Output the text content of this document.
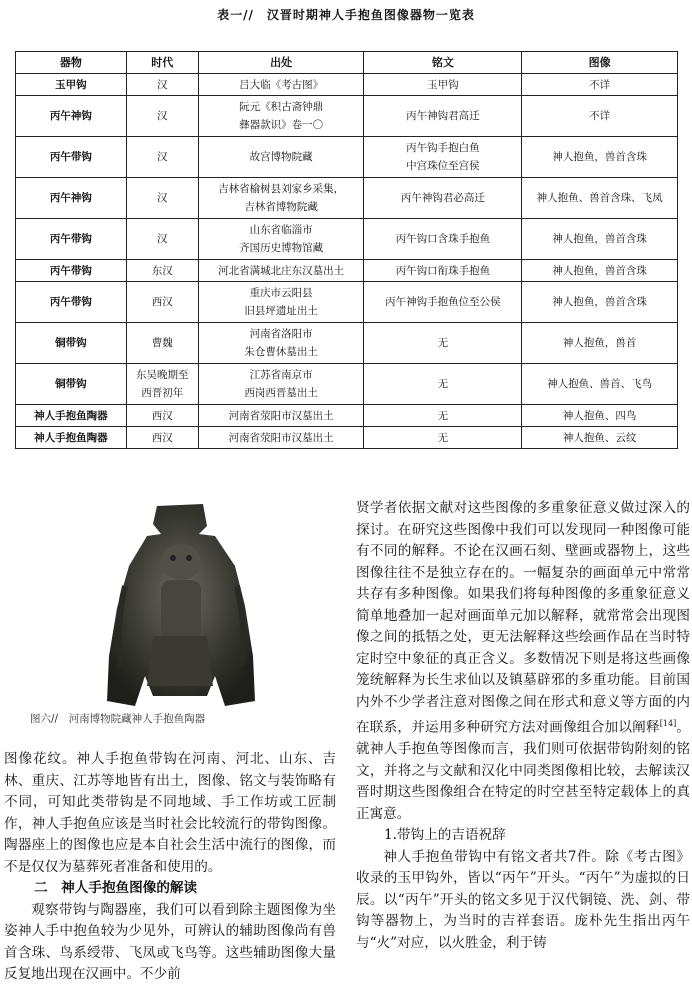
表一//　汉晋时期神人手抱鱼图像器物一览表
器物	时代	出处	铭文	图像
玉甲钩	汉	吕大临《考古图》	玉甲钩	不详
丙午神钩	汉	阮元《积古斋钟鼎
彝器款识》卷一〇	丙午神钩君高迁	不详
丙午带钩	汉	故宫博物院藏	丙午钩手抱白鱼
中宫珠位至宫侯	神人抱鱼，兽首含珠
丙午神钩	汉	吉林省榆树县刘家乡采集，
吉林省博物院藏	丙午神钩君必高迁	神人抱鱼、兽首含珠、飞凤
丙午带钩	汉	山东省临淄市
齐国历史博物馆藏	丙午钩口含珠手抱鱼	神人抱鱼，兽首含珠
丙午带钩	东汉	河北省满城北庄东汉墓出土	丙午钩口衔珠手抱鱼	神人抱鱼，兽首含珠
丙午带钩	西汉	重庆市云阳县
旧县坪遗址出土	丙午神钩手抱鱼位至公侯	神人抱鱼，兽首含珠
铜带钩	曹魏	河南省洛阳市
朱仓曹休墓出土	无	神人抱鱼，兽首
铜带钩	东吴晚期至
西晋初年	江苏省南京市
西岗西晋墓出土	无	神人抱鱼、兽首、飞鸟
神人手抱鱼陶器	西汉	河南省荥阳市汉墓出土	无	神人抱鱼、四鸟
神人手抱鱼陶器	西汉	河南省荥阳市汉墓出土	无	神人抱鱼、云纹
图六//　河南博物院藏神人手抱鱼陶器

图像花纹。神人手抱鱼带钩在河南、河北、山东、吉林、重庆、江苏等地皆有出土，图像、铭文与装饰略有不同，可知此类带钩是不同地域、手工作坊或工匠制作，神人手抱鱼应该是当时社会比较流行的带钩图像。陶器座上的图像也应是本自社会生活中流行的图像，而不是仅仅为墓葬死者准备和使用的。

二　神人手抱鱼图像的解读

观察带钩与陶器座，我们可以看到除主题图像为坐姿神人手中抱鱼较为少见外，可辨认的辅助图像尚有兽首含珠、鸟系绶带、飞凤或飞鸟等。这些辅助图像大量反复地出现在汉画中。不少前

贤学者依据文献对这些图像的多重象征意义做过深入的探讨。在研究这些图像中我们可以发现同一种图像可能有不同的解释。不论在汉画石刻、壁画或器物上，这些图像往往不是独立存在的。一幅复杂的画面单元中常常共存有多种图像。如果我们将每种图像的多重象征意义简单地叠加一起对画面单元加以解释，就常常会出现图像之间的抵牾之处，更无法解释这些绘画作品在当时特定时空中象征的真正含义。多数情况下则是将这些画像笼统解释为长生求仙以及镇墓辟邪的多重功能。目前国内外不少学者注意对图像之间在形式和意义等方面的内在联系，并运用多种研究方法对画像组合加以阐释[14]。就神人手抱鱼等图像而言，我们则可依据带钩附刻的铭文，并将之与文献和汉化中同类图像相比较，去解读汉晋时期这些图像组合在特定的时空甚至特定载体上的真正寓意。

1.带钩上的吉语祝辞

神人手抱鱼带钩中有铭文者共7件。除《考古图》收录的玉甲钩外，皆以“丙午”开头。“丙午”为虚拟的日辰。以“丙午”开头的铭文多见于汉代铜镜、洗、剑、带钩等器物上，为当时的吉祥套语。庞朴先生指出丙午与“火”对应，以火胜金，利于铸
